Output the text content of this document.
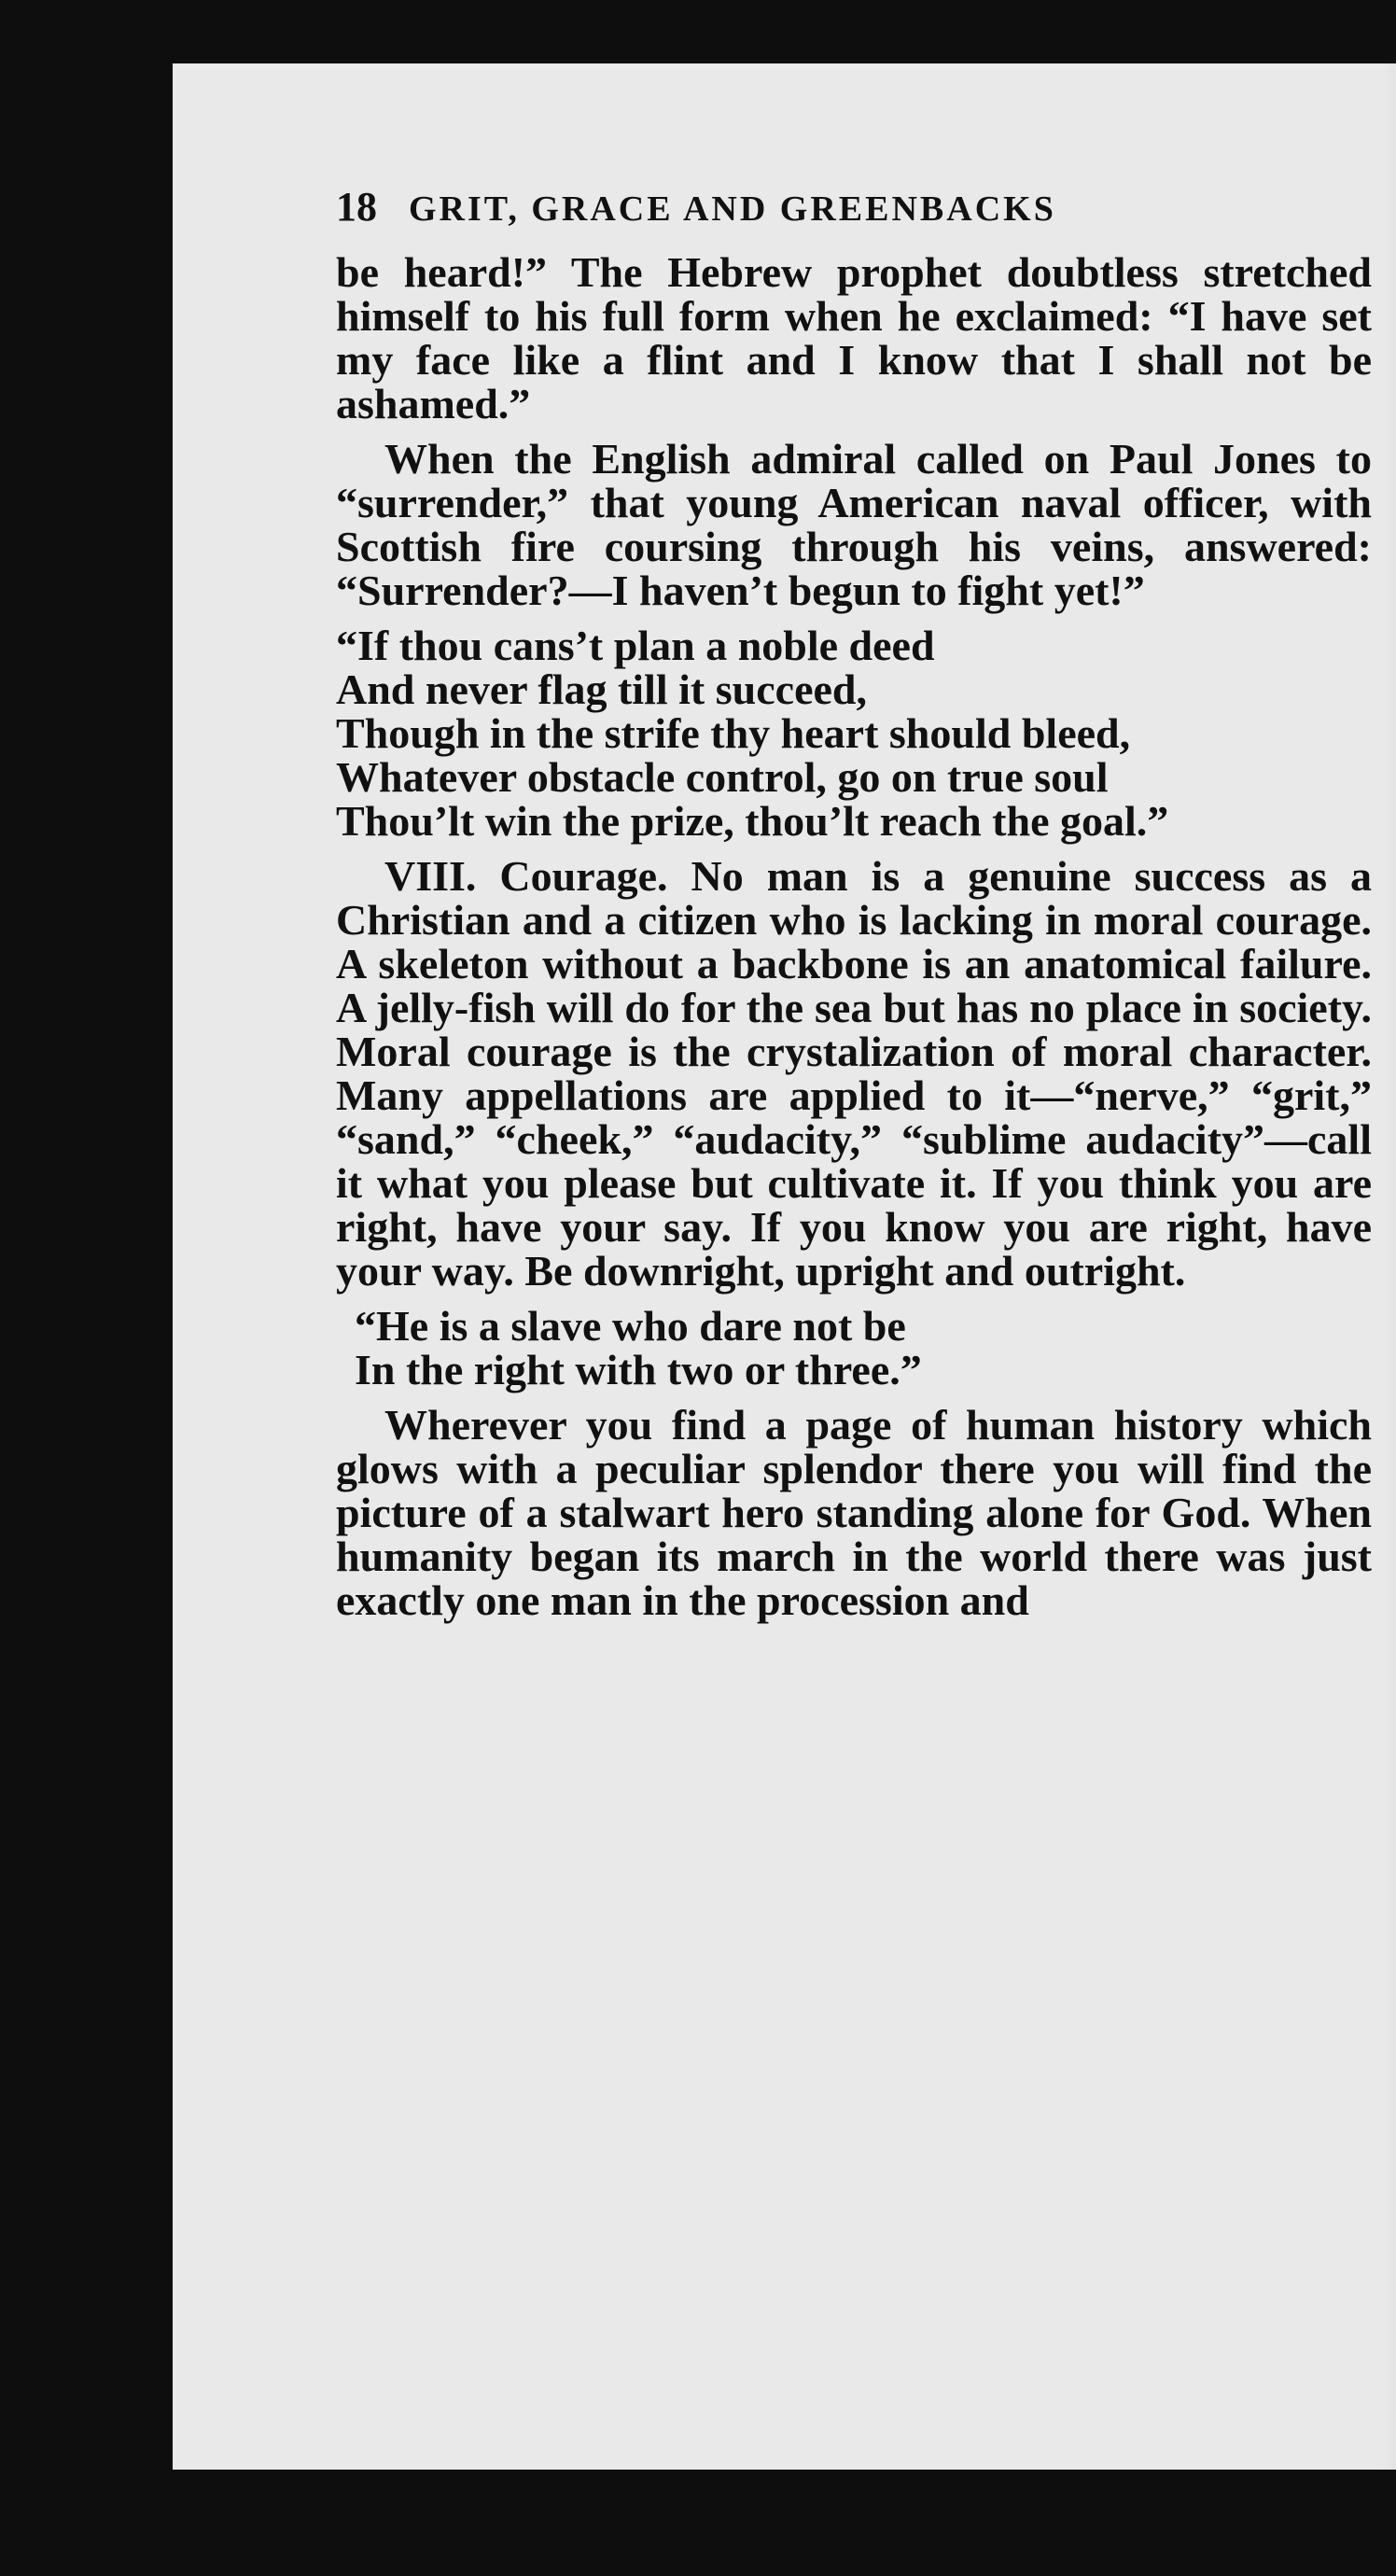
18 GRIT, GRACE AND GREENBACKS

be heard!” The Hebrew prophet doubtless stretched himself to his full form when he exclaimed: “I have set my face like a flint and I know that I shall not be ashamed.”

When the English admiral called on Paul Jones to “surrender,” that young American naval officer, with Scottish fire coursing through his veins, answered: “Surrender?—I haven’t begun to fight yet!”

“If thou cans’t plan a noble deed
And never flag till it succeed,
Though in the strife thy heart should bleed,
Whatever obstacle control, go on true soul
Thou’lt win the prize, thou’lt reach the goal.”

VIII. Courage. No man is a genuine success as a Christian and a citizen who is lacking in moral courage. A skeleton without a backbone is an anatomical failure. A jelly-fish will do for the sea but has no place in society. Moral courage is the crystalization of moral character. Many appellations are applied to it—“nerve,” “grit,” “sand,” “cheek,” “audacity,” “sublime audacity”—call it what you please but cultivate it. If you think you are right, have your say. If you know you are right, have your way. Be downright, upright and outright.

“He is a slave who dare not be
In the right with two or three.”

Wherever you find a page of human history which glows with a peculiar splendor there you will find the picture of a stalwart hero standing alone for God. When humanity began its march in the world there was just exactly one man in the procession and
